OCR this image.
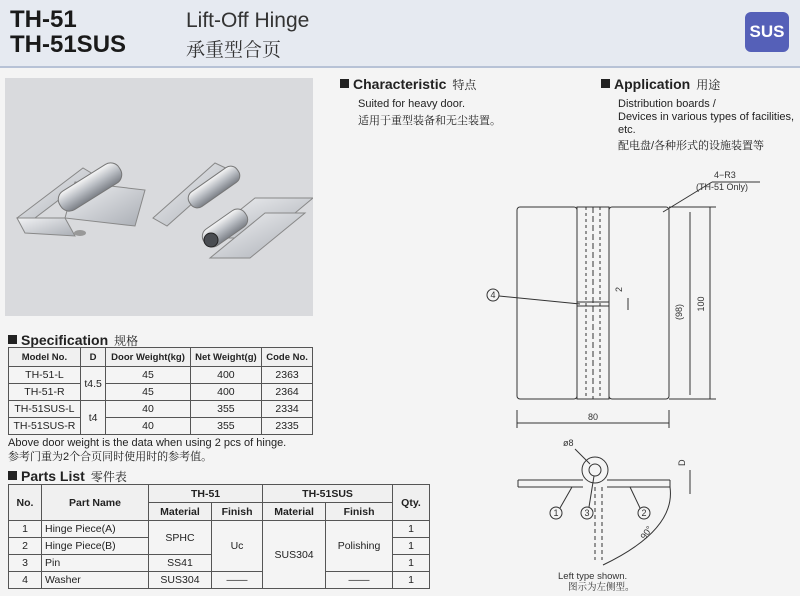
TH-51
TH-51SUS
Lift-Off Hinge
承重型合页
SUS
Characteristic 特点
Suited for heavy door.
适用于重型装备和无尘装置。
Application 用途
Distribution boards /
Devices in various types of facilities,
etc.
配电盘/各种形式的设施装置等
Specification 规格
Model No.	D	Door Weight(kg)	Net Weight(g)	Code No.
TH-51-L	t4.5	45	400	2363
TH-51-R		45	400	2364
TH-51SUS-L	t4	40	355	2334
TH-51SUS-R		40	355	2335
Above door weight is the data when using 2 pcs of hinge.
参考门重为2个合页同时使用时的参考值。
Parts List 零件表
No.	Part Name	TH-51		TH-51SUS		Qty.
		Material	Finish	Material	Finish	
1	Hinge Piece(A)	SPHC	Uc	SUS304	Polishing	1
2	Hinge Piece(B)					1
3	Pin	SS41				1
4	Washer	SUS304	——		——	1
80
(98) 100
2
4−R3
(TH-51 Only)
4
ø8
D
90°
1	3	2
Left type shown.
图示为左侧型。
